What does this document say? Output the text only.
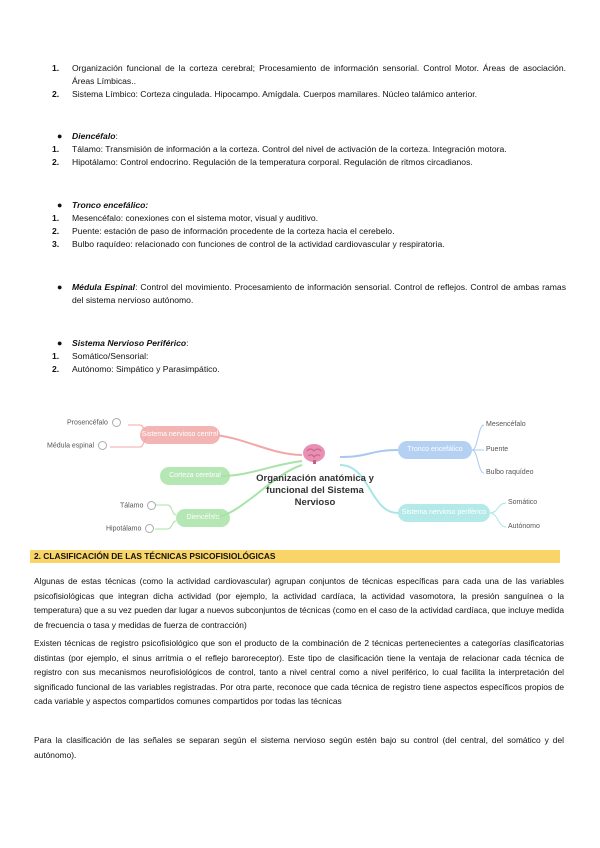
1. Organización funcional de la corteza cerebral; Procesamiento de información sensorial. Control Motor. Áreas de asociación. Áreas Límbicas..
2. Sistema Límbico: Corteza cingulada. Hipocampo. Amígdala. Cuerpos mamilares. Núcleo talámico anterior.
● Diencéfalo:
1. Tálamo: Transmisión de información a la corteza. Control del nivel de activación de la corteza. Integración motora.
2. Hipotálamo: Control endocrino. Regulación de la temperatura corporal. Regulación de ritmos circadianos.
● Tronco encefálico:
1. Mesencéfalo: conexiones con el sistema motor, visual y auditivo.
2. Puente: estación de paso de información procedente de la corteza hacia el cerebelo.
3. Bulbo raquídeo: relacionado con funciones de control de la actividad cardiovascular y respiratoria.
● Médula Espinal: Control del movimiento. Procesamiento de información sensorial. Control de reflejos. Control de ambas ramas del sistema nervioso autónomo.
● Sistema Nervioso Periférico:
1. Somático/Sensorial:
2. Autónomo: Simpático y Parasimpático.
Sistema nervioso central
Corteza cerebral
Diencéfalo
Prosencéfalo
Médula espinal
Tálamo
Hipotálamo
Organización anatómica y funcional del Sistema Nervioso
Tronco encefálico
Sistema nervioso periférico
Mesencéfalo
Puente
Bulbo raquídeo
Somático
Autónomo
2. CLASIFICACIÓN DE LAS TÉCNICAS PSICOFISIOLÓGICAS
Algunas de estas técnicas (como la actividad cardiovascular) agrupan conjuntos de técnicas específicas para cada una de las variables psicofisiológicas que integran dicha actividad (por ejemplo, la actividad cardíaca, la actividad vasomotora, la presión sanguínea o la temperatura) que a su vez pueden dar lugar a nuevos subconjuntos de técnicas (como en el caso de la actividad cardíaca, que incluye medida de frecuencia o tasa y medidas de fuerza de contracción)
Existen técnicas de registro psicofisiológico que son el producto de la combinación de 2 técnicas pertenecientes a categorías clasificatorias distintas (por ejemplo, el sinus arritmia o el reflejo baroreceptor). Este tipo de clasificación tiene la ventaja de relacionar cada técnica de registro con sus mecanismos neurofisiológicos de control, tanto a nivel central como a nivel periférico, lo cual facilita la interpretación del significado funcional de las variables registradas. Por otra parte, reconoce que cada técnica de registro tiene aspectos específicos propios de cada variable y aspectos compartidos comunes compartidos por todas las técnicas
Para la clasificación de las señales se separan según el sistema nervioso según estén bajo su control (del central, del somático y del autónomo).
